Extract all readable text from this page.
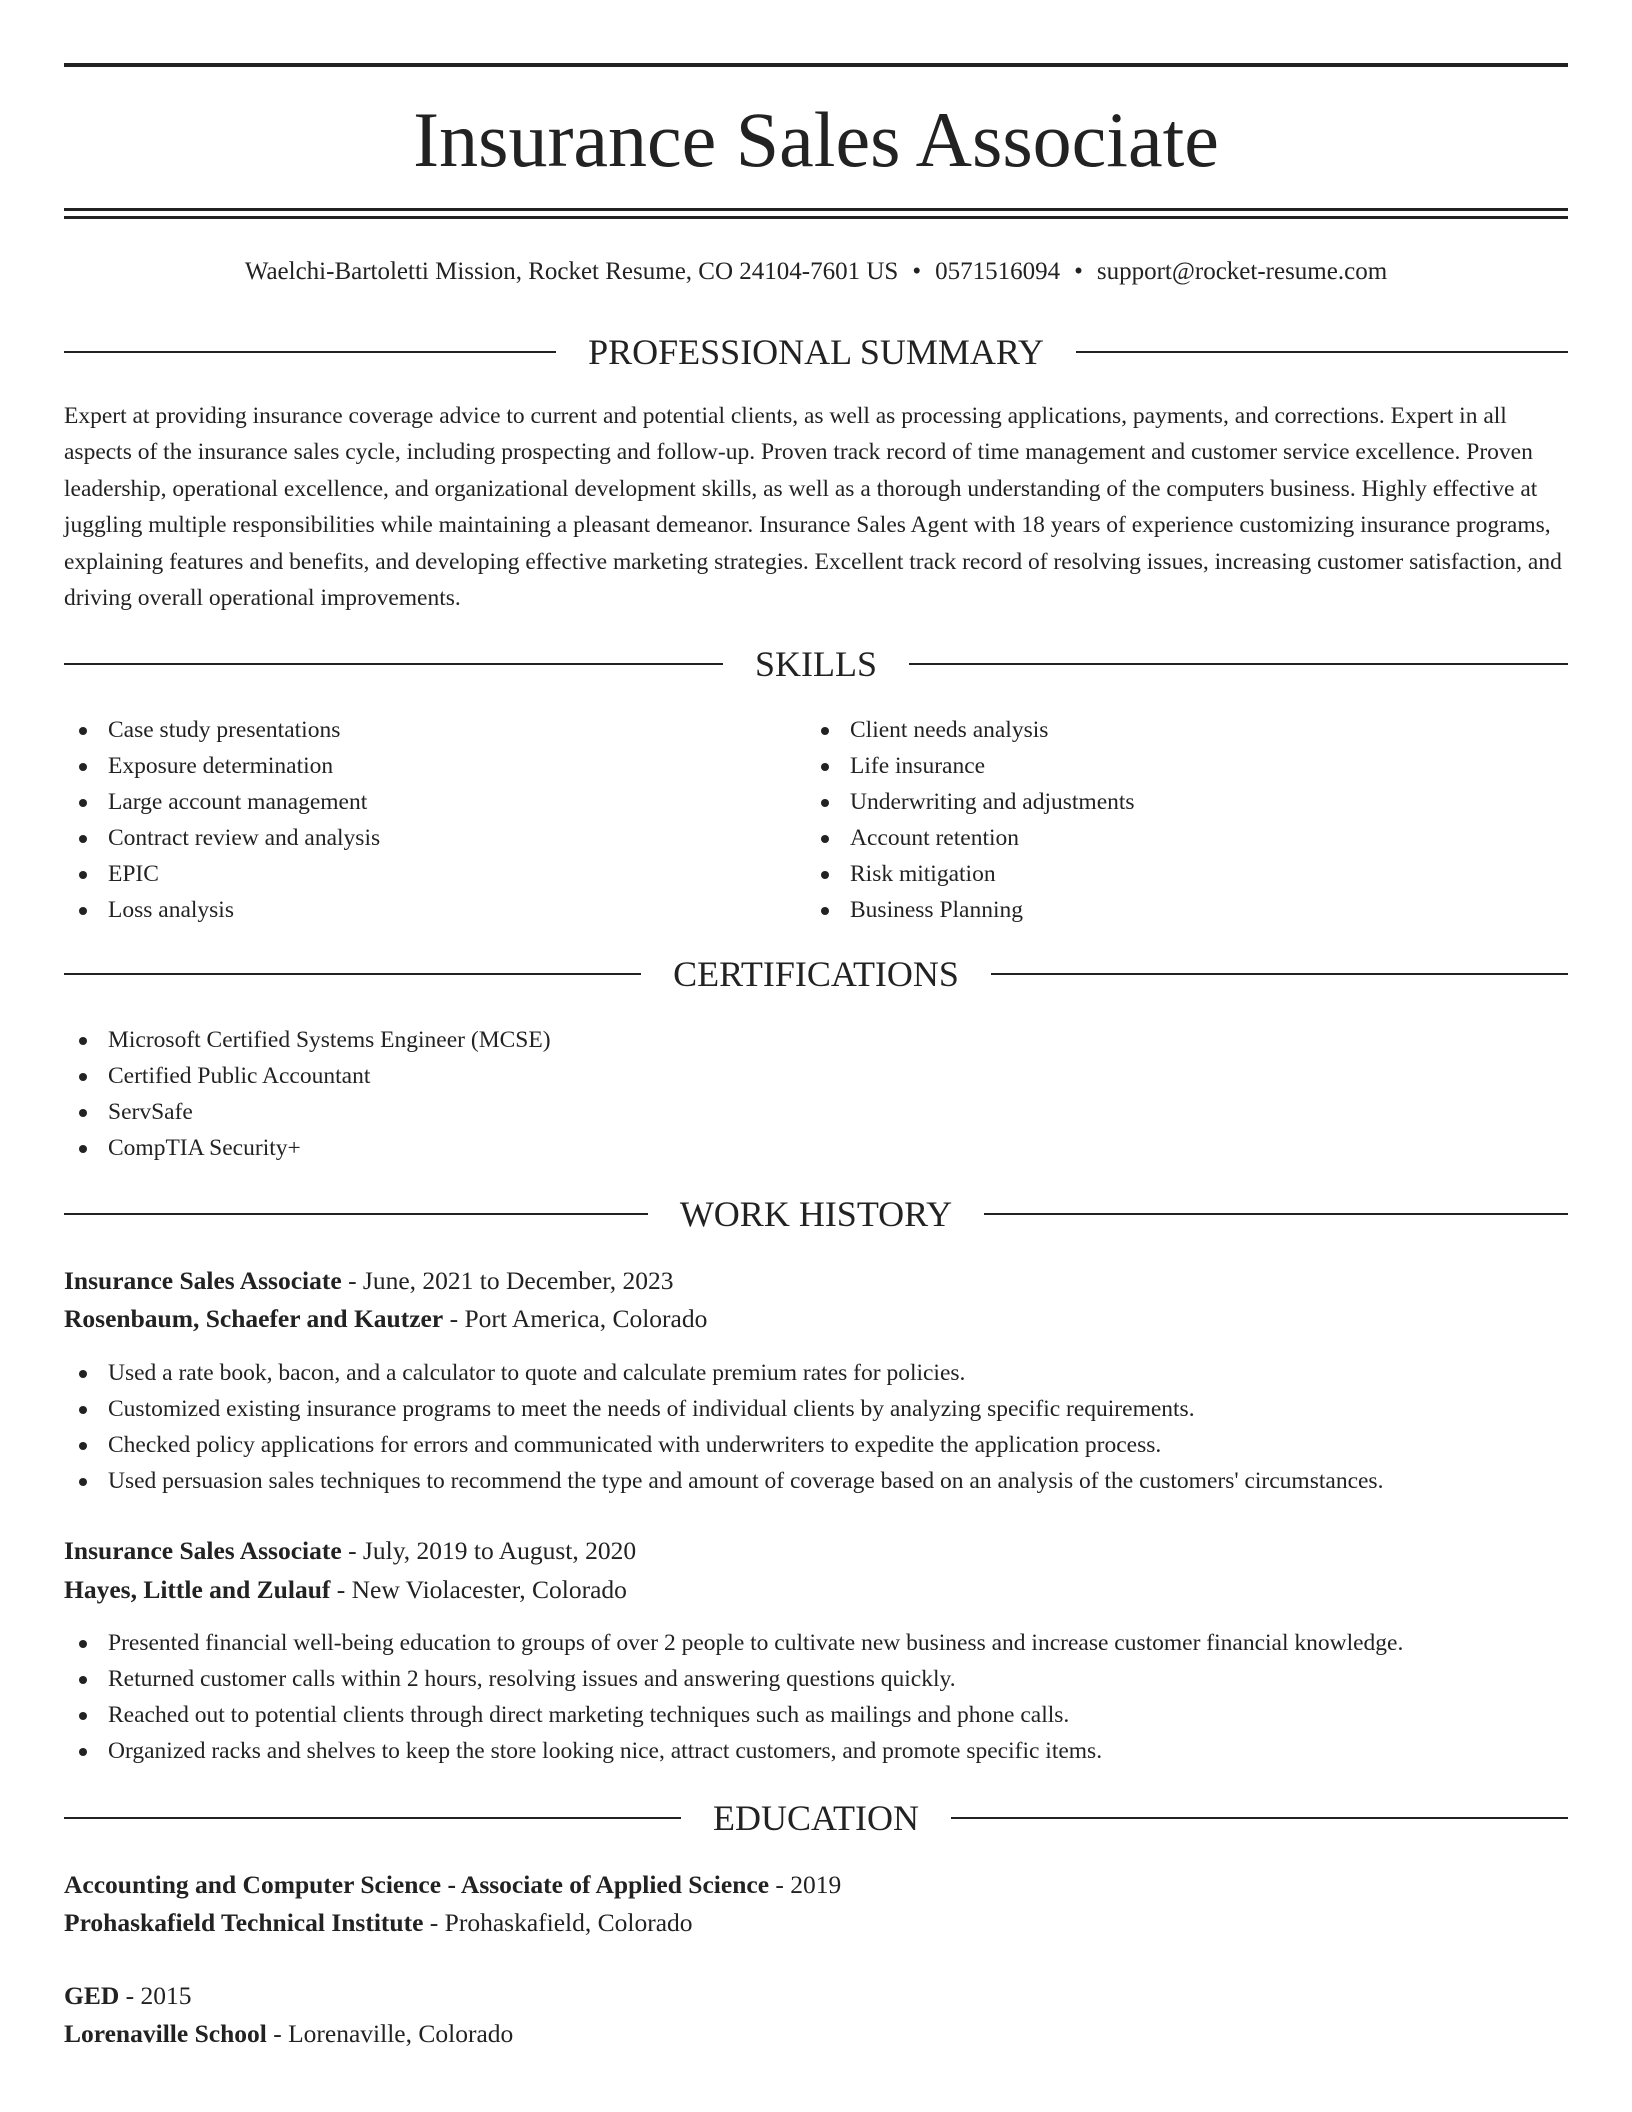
Insurance Sales Associate
Waelchi-Bartoletti Mission, Rocket Resume, CO 24104-7601 US • 0571516094 • support@rocket-resume.com
PROFESSIONAL SUMMARY

Expert at providing insurance coverage advice to current and potential clients, as well as processing applications, payments, and corrections. Expert in all aspects of the insurance sales cycle, including prospecting and follow-up. Proven track record of time management and customer service excellence. Proven leadership, operational excellence, and organizational development skills, as well as a thorough understanding of the computers business. Highly effective at juggling multiple responsibilities while maintaining a pleasant demeanor. Insurance Sales Agent with 18 years of experience customizing insurance programs, explaining features and benefits, and developing effective marketing strategies. Excellent track record of resolving issues, increasing customer satisfaction, and driving overall operational improvements.

SKILLS
Case study presentations
Exposure determination
Large account management
Contract review and analysis
EPIC
Loss analysis
Client needs analysis
Life insurance
Underwriting and adjustments
Account retention
Risk mitigation
Business Planning
CERTIFICATIONS
Microsoft Certified Systems Engineer (MCSE)
Certified Public Accountant
ServSafe
CompTIA Security+
WORK HISTORY
Insurance Sales Associate - June, 2021 to December, 2023
Rosenbaum, Schaefer and Kautzer - Port America, Colorado
Used a rate book, bacon, and a calculator to quote and calculate premium rates for policies.
Customized existing insurance programs to meet the needs of individual clients by analyzing specific requirements.
Checked policy applications for errors and communicated with underwriters to expedite the application process.
Used persuasion sales techniques to recommend the type and amount of coverage based on an analysis of the customers' circumstances.
Insurance Sales Associate - July, 2019 to August, 2020
Hayes, Little and Zulauf - New Violacester, Colorado
Presented financial well-being education to groups of over 2 people to cultivate new business and increase customer financial knowledge.
Returned customer calls within 2 hours, resolving issues and answering questions quickly.
Reached out to potential clients through direct marketing techniques such as mailings and phone calls.
Organized racks and shelves to keep the store looking nice, attract customers, and promote specific items.
EDUCATION
Accounting and Computer Science - Associate of Applied Science - 2019
Prohaskafield Technical Institute - Prohaskafield, Colorado
GED - 2015
Lorenaville School - Lorenaville, Colorado
